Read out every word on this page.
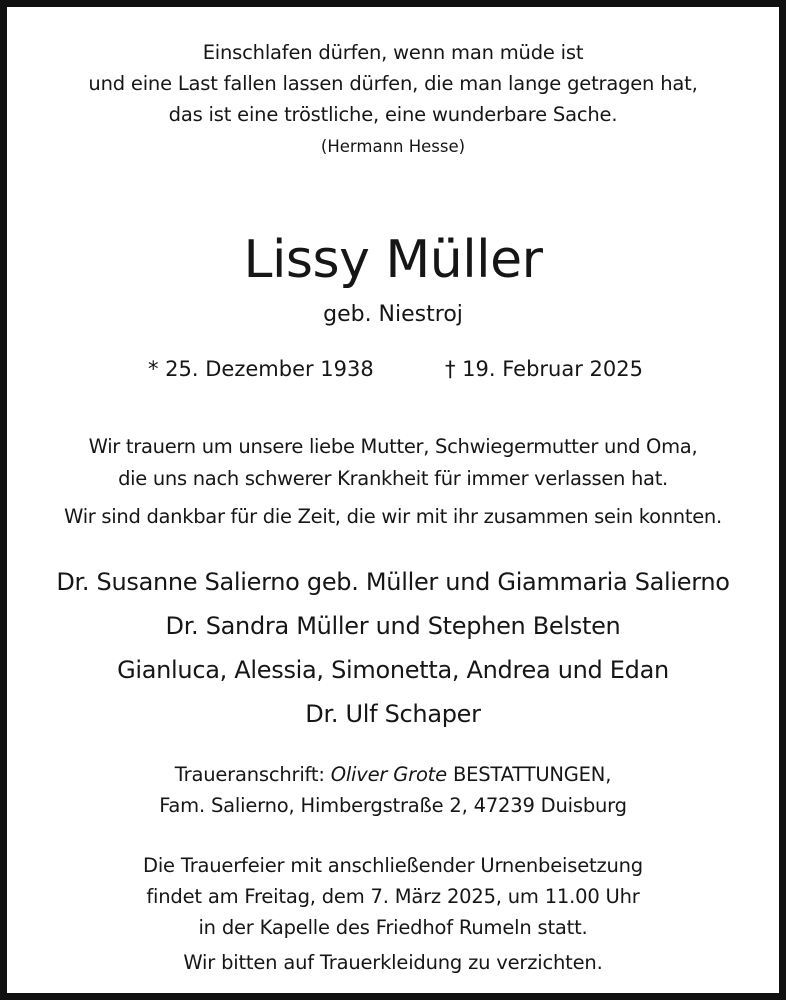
Einschlafen dürfen, wenn man müde ist
und eine Last fallen lassen dürfen, die man lange getragen hat,
das ist eine tröstliche, eine wunderbare Sache.
(Hermann Hesse)
Lissy Müller
geb. Niestroj
* 25. Dezember 1938	† 19. Februar 2025
Wir trauern um unsere liebe Mutter, Schwiegermutter und Oma,
die uns nach schwerer Krankheit für immer verlassen hat.
Wir sind dankbar für die Zeit, die wir mit ihr zusammen sein konnten.
Dr. Susanne Salierno geb. Müller und Giammaria Salierno
Dr. Sandra Müller und Stephen Belsten
Gianluca, Alessia, Simonetta, Andrea und Edan
Dr. Ulf Schaper
Traueranschrift: Oliver Grote BESTATTUNGEN,
Fam. Salierno, Himbergstraße 2, 47239 Duisburg
Die Trauerfeier mit anschließender Urnenbeisetzung
findet am Freitag, dem 7. März 2025, um 11.00 Uhr
in der Kapelle des Friedhof Rumeln statt.
Wir bitten auf Trauerkleidung zu verzichten.
